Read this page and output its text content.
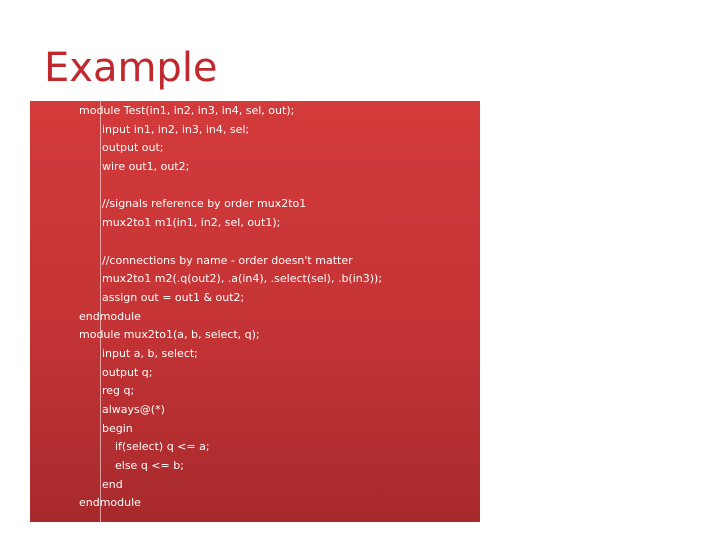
Example
module Test(in1, in2, in3, in4, sel, out);
input in1, in2, in3, in4, sel;
output out;
wire out1, out2;
//signals reference by order mux2to1
mux2to1 m1(in1, in2, sel, out1);
//connections by name - order doesn't matter
mux2to1 m2(.q(out2), .a(in4), .select(sel), .b(in3));
assign out = out1 & out2;
endmodule
module mux2to1(a, b, select, q);
input a, b, select;
output q;
reg q;
always@(*)
begin
if(select) q <= a;
else q <= b;
end
endmodule
